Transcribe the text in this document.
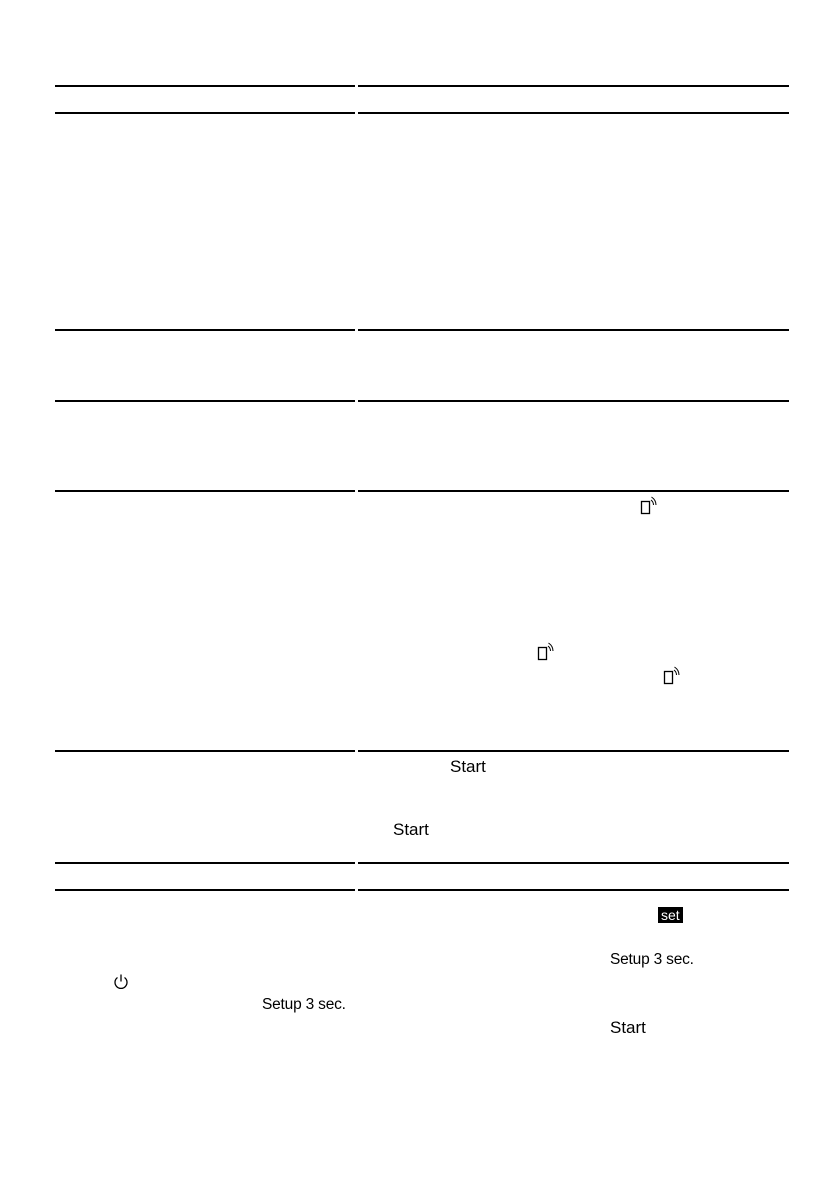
Start
Start
set
Setup 3 sec.
Setup 3 sec.
Start
